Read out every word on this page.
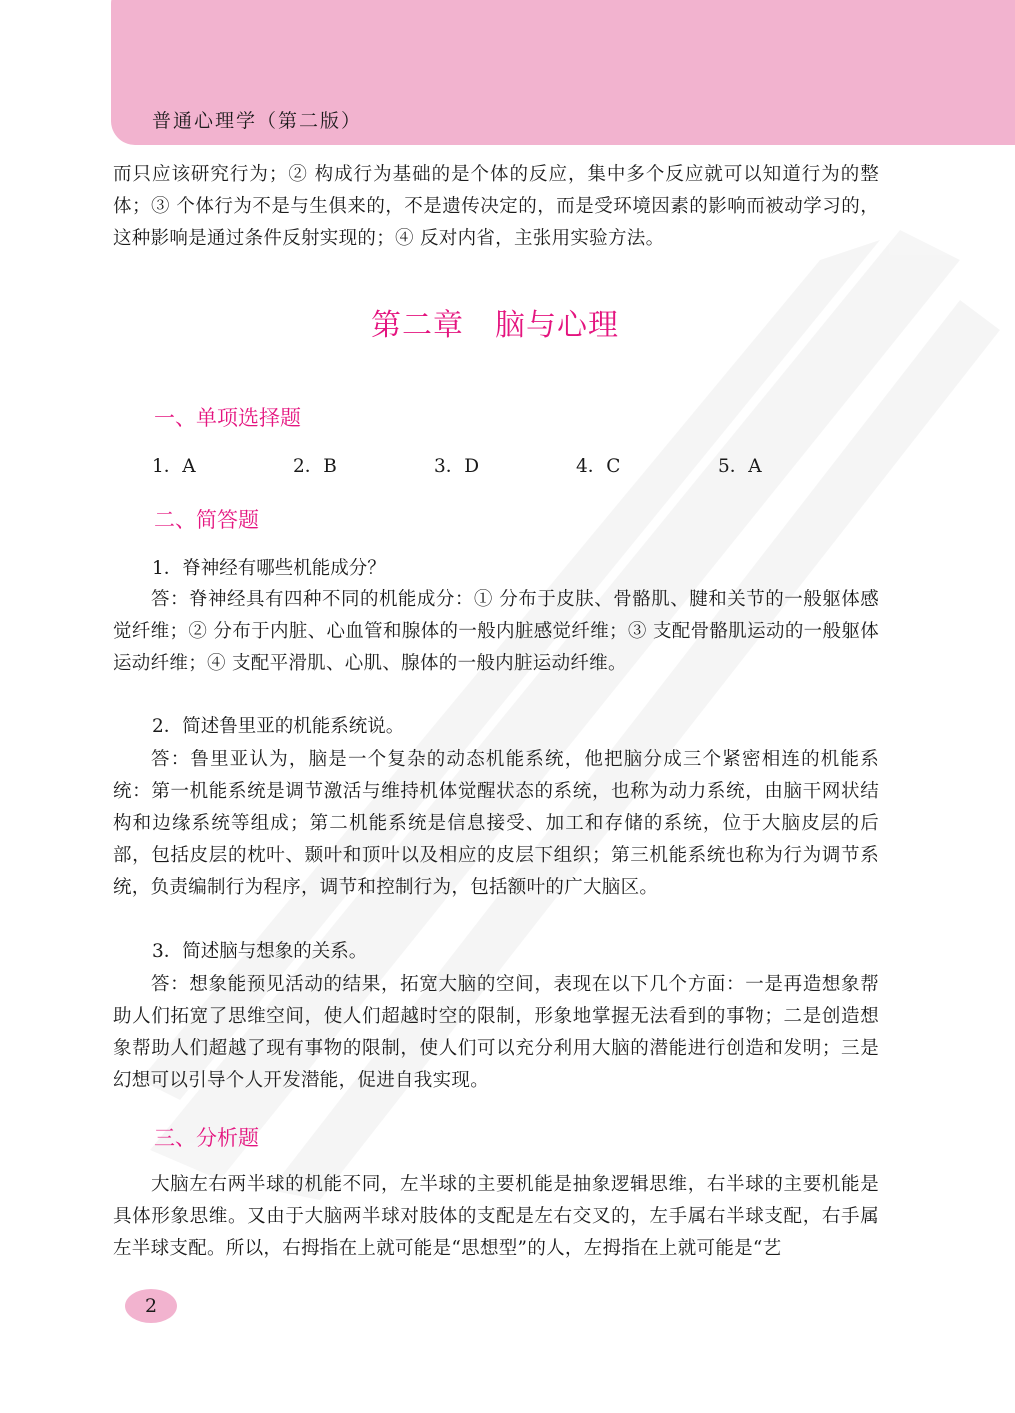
普通心理学（第二版）
而只应该研究行为；② 构成行为基础的是个体的反应，集中多个反应就可以知道行为的整体；③ 个体行为不是与生俱来的，不是遗传决定的，而是受环境因素的影响而被动学习的，这种影响是通过条件反射实现的；④ 反对内省，主张用实验方法。
第二章　脑与心理
一、单项选择题
1．A	2．B	3．D	4．C	5．A
二、简答题
1．脊神经有哪些机能成分？
答：脊神经具有四种不同的机能成分：① 分布于皮肤、骨骼肌、腱和关节的一般躯体感觉纤维；② 分布于内脏、心血管和腺体的一般内脏感觉纤维；③ 支配骨骼肌运动的一般躯体运动纤维；④ 支配平滑肌、心肌、腺体的一般内脏运动纤维。
2．简述鲁里亚的机能系统说。
答：鲁里亚认为，脑是一个复杂的动态机能系统，他把脑分成三个紧密相连的机能系统：第一机能系统是调节激活与维持机体觉醒状态的系统，也称为动力系统，由脑干网状结构和边缘系统等组成；第二机能系统是信息接受、加工和存储的系统，位于大脑皮层的后部，包括皮层的枕叶、颞叶和顶叶以及相应的皮层下组织；第三机能系统也称为行为调节系统，负责编制行为程序，调节和控制行为，包括额叶的广大脑区。
3．简述脑与想象的关系。
答：想象能预见活动的结果，拓宽大脑的空间，表现在以下几个方面：一是再造想象帮助人们拓宽了思维空间，使人们超越时空的限制，形象地掌握无法看到的事物；二是创造想象帮助人们超越了现有事物的限制，使人们可以充分利用大脑的潜能进行创造和发明；三是幻想可以引导个人开发潜能，促进自我实现。
三、分析题
大脑左右两半球的机能不同，左半球的主要机能是抽象逻辑思维，右半球的主要机能是具体形象思维。又由于大脑两半球对肢体的支配是左右交叉的，左手属右半球支配，右手属左半球支配。所以，右拇指在上就可能是“思想型”的人，左拇指在上就可能是“艺
2
